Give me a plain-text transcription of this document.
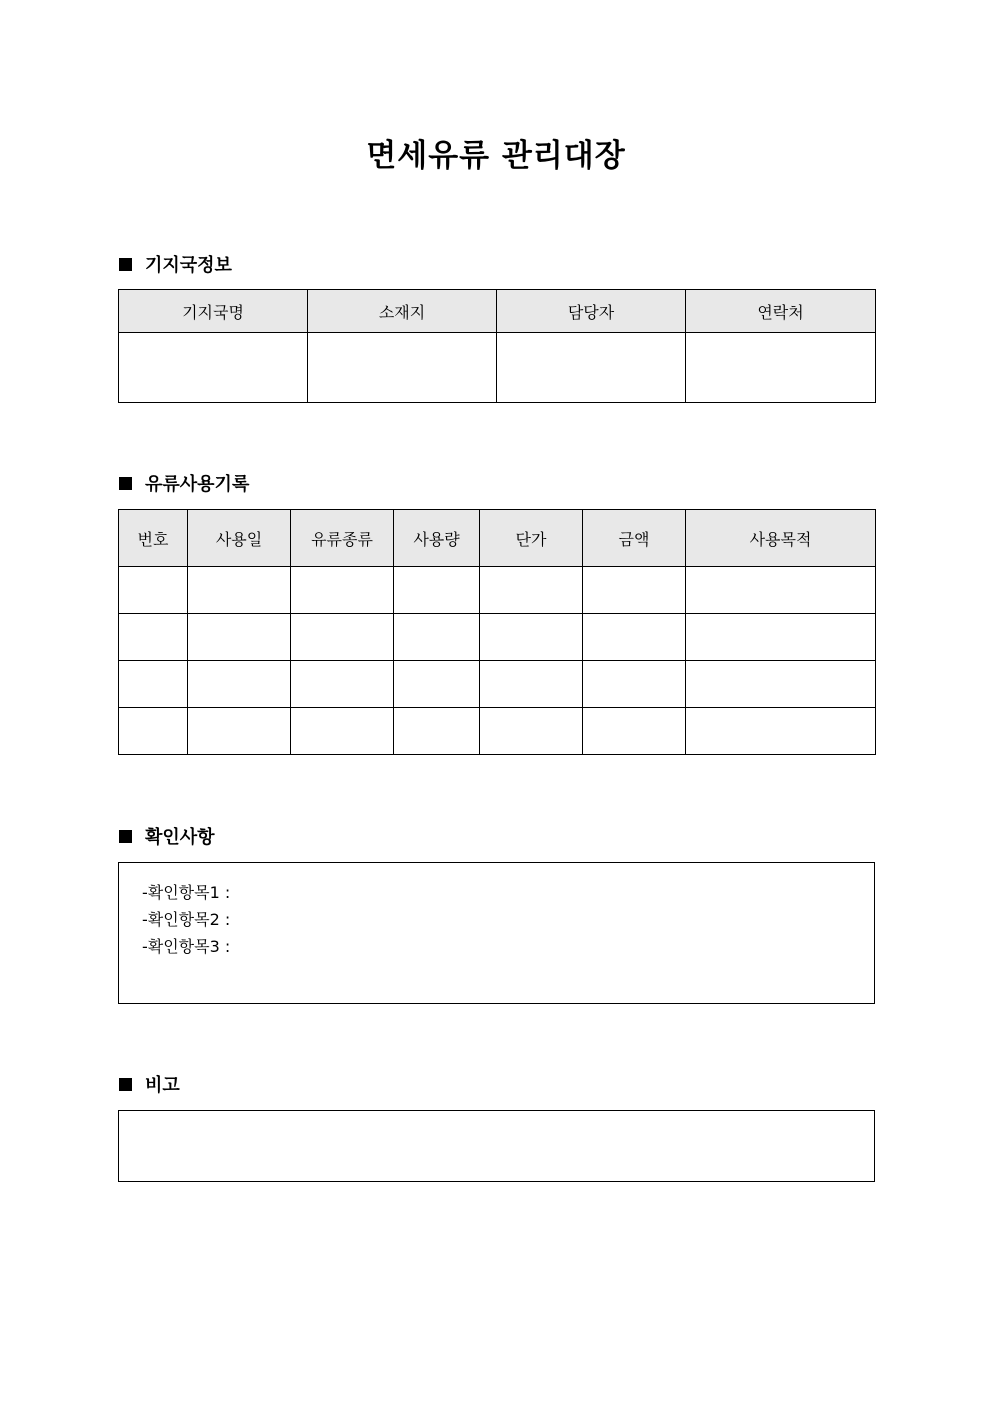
면세유류 관리대장
기지국정보
기지국명	소재지	담당자	연락처

유류사용기록
번호	사용일	유류종류	사용량	단가	금액	사용목적

확인사항
-확인항목1 :
-확인항목2 :
-확인항목3 :
비고
